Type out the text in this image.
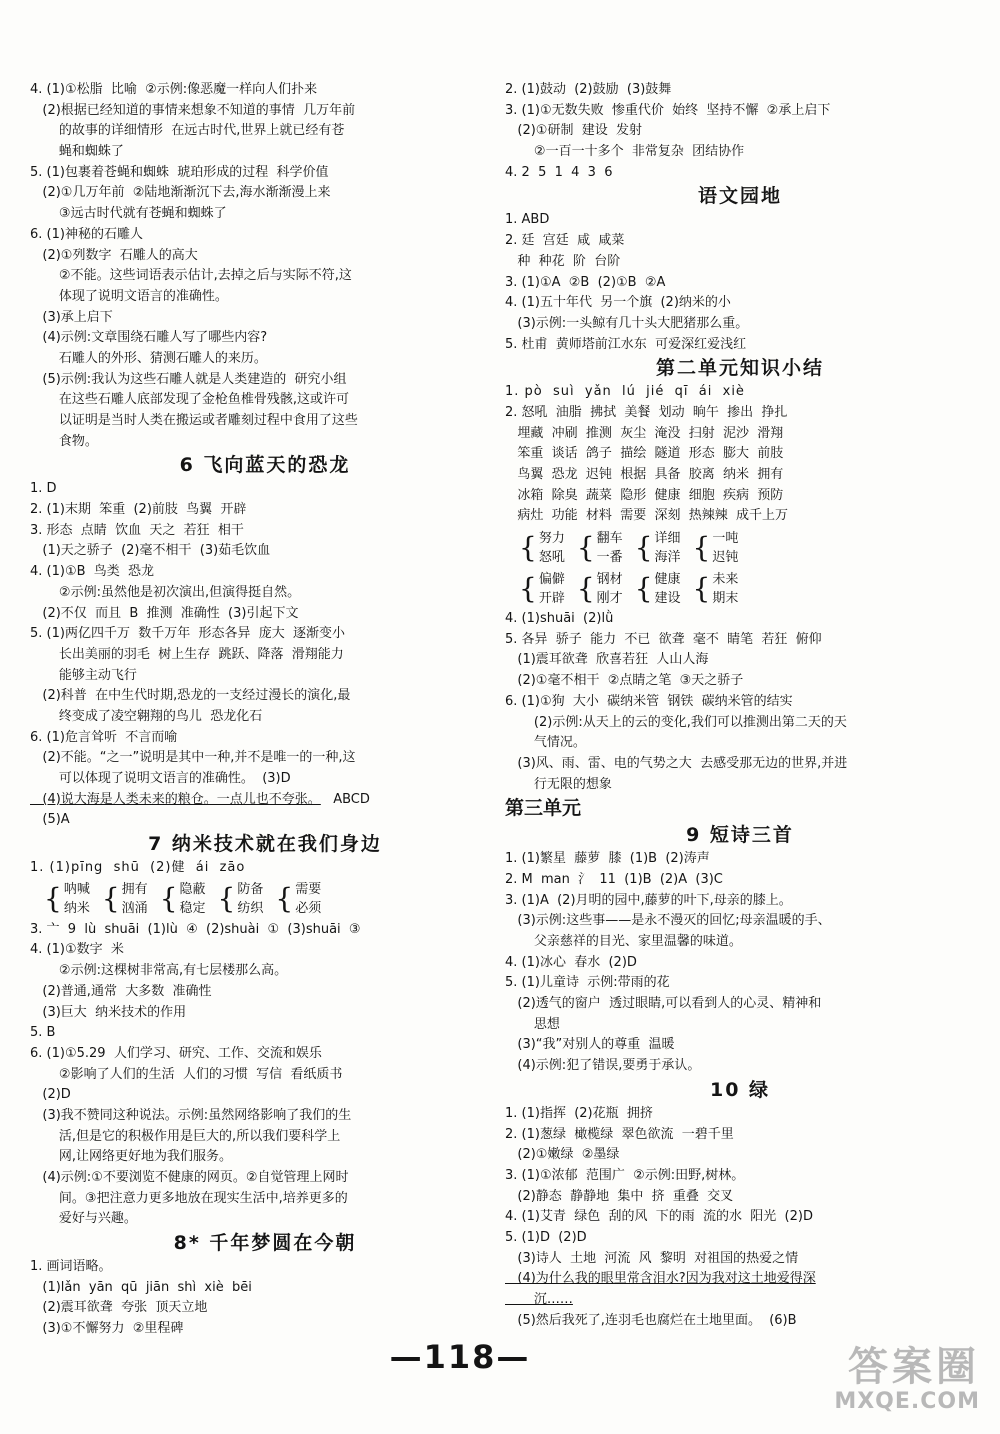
4. (1)①松脂  比喻  ②示例:像恶魔一样向人们扑来
(2)根据已经知道的事情来想象不知道的事情  几万年前
的故事的详细情形  在远古时代,世界上就已经有苍
蝇和蜘蛛了
5. (1)包裹着苍蝇和蜘蛛  琥珀形成的过程  科学价值
(2)①几万年前  ②陆地渐渐沉下去,海水渐渐漫上来
③远古时代就有苍蝇和蜘蛛了
6. (1)神秘的石雕人
(2)①列数字  石雕人的高大
②不能。这些词语表示估计,去掉之后与实际不符,这
体现了说明文语言的准确性。
(3)承上启下
(4)示例:文章围绕石雕人写了哪些内容?
石雕人的外形、猜测石雕人的来历。
(5)示例:我认为这些石雕人就是人类建造的  研究小组
在这些石雕人底部发现了金枪鱼椎骨残骸,这或许可
以证明是当时人类在搬运或者雕刻过程中食用了这些
食物。
6 飞向蓝天的恐龙
1. D
2. (1)末期  笨重  (2)前肢  鸟翼  开辟
3. 形态  点睛  饮血  天之  若狂  相干
(1)天之骄子  (2)毫不相干  (3)茹毛饮血
4. (1)①B  鸟类  恐龙
②示例:虽然他是初次演出,但演得挺自然。
(2)不仅  而且  B  推测  准确性  (3)引起下文
5. (1)两亿四千万  数千万年  形态各异  庞大  逐渐变小
长出美丽的羽毛  树上生存  跳跃、降落  滑翔能力
能够主动飞行
(2)科普  在中生代时期,恐龙的一支经过漫长的演化,最
终变成了凌空翱翔的鸟儿  恐龙化石
6. (1)危言耸听  不言而喻
(2)不能。“之一”说明是其中一种,并不是唯一的一种,这
可以体现了说明文语言的准确性。  (3)D
(4)说大海是人类未来的粮仓。一点儿也不夸张。   ABCD
(5)A
7 纳米技术就在我们身边
1. (1)pīng  shū  (2)健  ái  zāo
{ 呐喊
纳米 { 拥有
汹涌 { 隐蔽
稳定 { 防备
纺织 { 需要
必须
3. 亠  9  lù  shuāi  (1)lù  ④  (2)shuài  ①  (3)shuāi  ③
4. (1)①数字  米
②示例:这棵树非常高,有七层楼那么高。
(2)普通,通常  大多数  准确性
(3)巨大  纳米技术的作用
5. B
6. (1)①5.29  人们学习、研究、工作、交流和娱乐
②影响了人们的生活  人们的习惯  写信  看纸质书
(2)D
(3)我不赞同这种说法。示例:虽然网络影响了我们的生
活,但是它的积极作用是巨大的,所以我们要科学上
网,让网络更好地为我们服务。
(4)示例:①不要浏览不健康的网页。②自觉管理上网时
间。③把注意力更多地放在现实生活中,培养更多的
爱好与兴趣。
8* 千年梦圆在今朝
1. 画词语略。
(1)lǎn  yān  qū  jiān  shì  xiè  bēi
(2)震耳欲聋  夸张  顶天立地
(3)①不懈努力  ②里程碑
2. (1)鼓动  (2)鼓励  (3)鼓舞
3. (1)①无数失败  惨重代价  始终  坚持不懈  ②承上启下
(2)①研制  建设  发射
②一百一十多个  非常复杂  团结协作
4. 2  5  1  4  3  6
语文园地
1. ABD
2. 廷  宫廷  咸  咸菜
种  种花  阶  台阶
3. (1)①A  ②B  (2)①B  ②A
4. (1)五十年代  另一个旗  (2)纳米的小
(3)示例:一头鲸有几十头大肥猪那么重。
5. 杜甫  黄师塔前江水东  可爱深红爱浅红
第二单元知识小结
1. pò  suì  yǎn  lú  jié  qī  ái  xiè
2. 怒吼  油脂  拂拭  美餐  划动  晌午  掺出  挣扎
埋藏  冲刷  推测  灰尘  淹没  扫射  泥沙  滑翔
笨重  谈话  鸽子  描绘  隧道  形态  膨大  前肢
鸟翼  恐龙  迟钝  根据  具备  胶离  纳米  拥有
冰箱  除臭  蔬菜  隐形  健康  细胞  疾病  预防
病灶  功能  材料  需要  深刻  热辣辣  成千上万
{ 努力
怒吼 { 翻车
一番 { 详细
海洋 { 一吨
迟钝
{ 偏僻
开辟 { 钢材
刚才 { 健康
建设 { 未来
期末
4. (1)shuāi  (2)lǜ
5. 各异  骄子  能力  不已  欲聋  毫不  睛笔  若狂  俯仰
(1)震耳欲聋  欣喜若狂  人山人海
(2)①毫不相干  ②点睛之笔  ③天之骄子
6. (1)①狗  大小  碳纳米管  钢铁  碳纳米管的结实
(2)示例:从天上的云的变化,我们可以推测出第二天的天
气情况。
(3)风、雨、雷、电的气势之大  去感受那无边的世界,并进
行无限的想象
第三单元
9 短诗三首
1. (1)繁星  藤萝  膝  (1)B  (2)涛声
2. M  man  氵  11  (1)B  (2)A  (3)C
3. (1)A  (2)月明的园中,藤萝的叶下,母亲的膝上。
(3)示例:这些事——是永不漫灭的回忆;母亲温暖的手、
父亲慈祥的目光、家里温馨的味道。
4. (1)冰心  春水  (2)D
5. (1)儿童诗  示例:带雨的花
(2)透气的窗户  透过眼睛,可以看到人的心灵、精神和
思想
(3)“我”对别人的尊重  温暖
(4)示例:犯了错误,要勇于承认。
10 绿
1. (1)指挥  (2)花瓶  拥挤
2. (1)葱绿  橄榄绿  翠色欲流  一碧千里
(2)①嫩绿  ②墨绿
3. (1)①浓郁  范围广  ②示例:田野,树林。
(2)静态  静静地  集中  挤  重叠  交叉
4. (1)艾青  绿色  刮的风  下的雨  流的水  阳光  (2)D
5. (1)D  (2)D
(3)诗人  土地  河流  风  黎明  对祖国的热爱之情
(4)为什么我的眼里常含泪水?因为我对这土地爱得深
沉……
(5)然后我死了,连羽毛也腐烂在土地里面。  (6)B
—118—	答案圈
MXQE.COM
